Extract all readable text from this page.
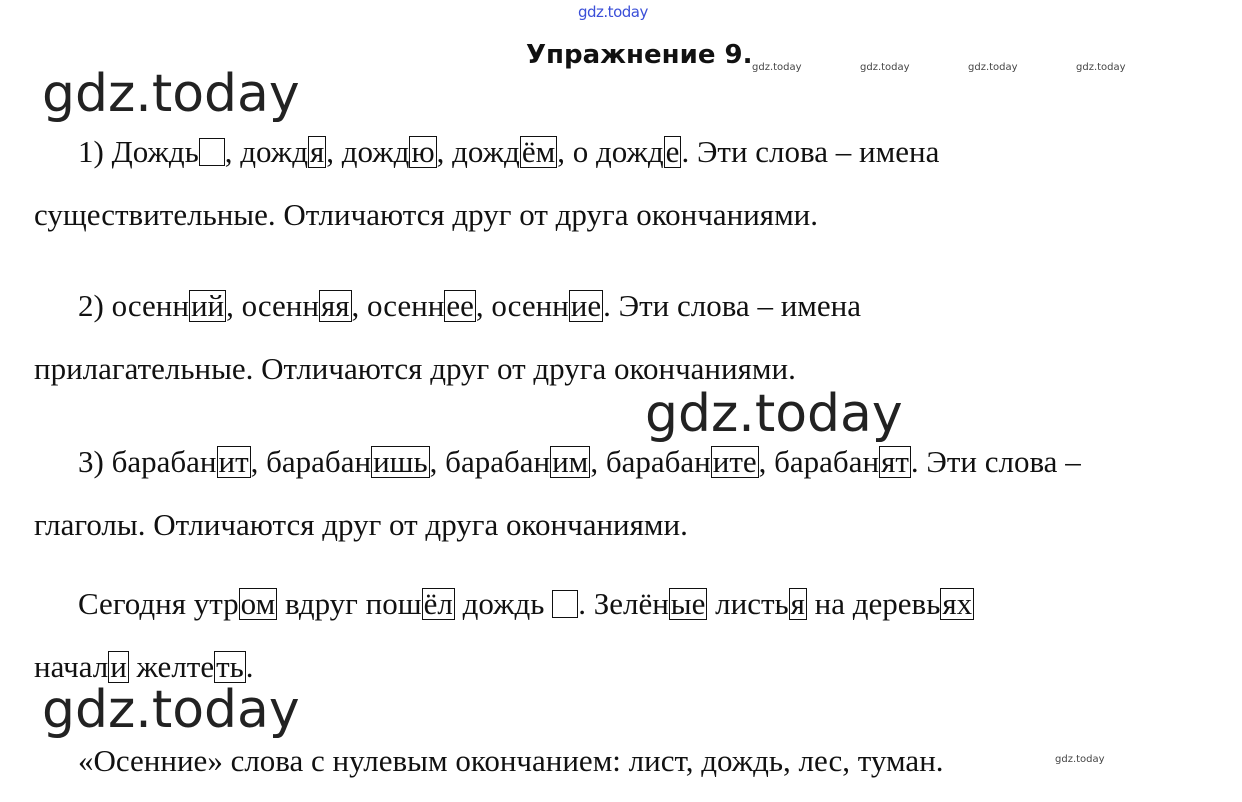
gdz.today
Упражнение 9. gdz.today	gdz.today	gdz.today	gdz.today
gdz.today
1) Дождь , дождя, дождю, дождём, о дожде. Эти слова – имена
существительные. Отличаются друг от друга окончаниями.
2) осенний, осенняя, осеннее, осенние. Эти слова – имена
прилагательные. Отличаются друг от друга окончаниями.
gdz.today
3) барабанит, барабанишь, барабаним, барабаните, барабанят. Эти слова –
глаголы. Отличаются друг от друга окончаниями.
Сегодня утром вдруг пошёл дождь . Зелёные листья на деревьях
начали желтеть.
gdz.today
«Осенние» слова с нулевым окончанием: лист, дождь, лес, туман.	gdz.today
